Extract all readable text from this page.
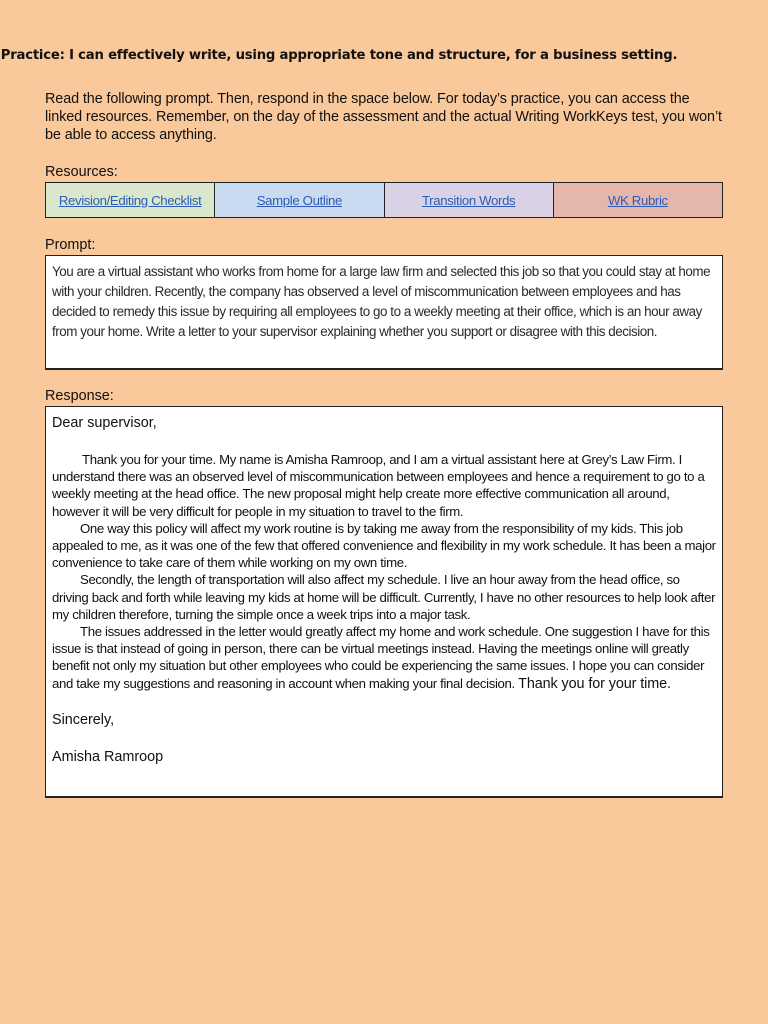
Practice: I can effectively write, using appropriate tone and structure, for a business setting.

Read the following prompt. Then, respond in the space below. For today’s practice, you can access the linked resources. Remember, on the day of the assessment and the actual Writing WorkKeys test, you won’t be able to access anything.

Resources:
Revision/Editing Checklist	Sample Outline	Transition Words	WK Rubric
Prompt:
You are a virtual assistant who works from home for a large law firm and selected this job so that you could stay at home with your children. Recently, the company has observed a level of miscommunication between employees and has decided to remedy this issue by requiring all employees to go to a weekly meeting at their office, which is an hour away from your home. Write a letter to your supervisor explaining whether you support or disagree with this decision.
Response:

Dear supervisor,

Thank you for your time. My name is Amisha Ramroop, and I am a virtual assistant here at Grey’s Law Firm. I understand there was an observed level of miscommunication between employees and hence a requirement to go to a weekly meeting at the head office. The new proposal might help create more effective communication all around, however it will be very difficult for people in my situation to travel to the firm.

One way this policy will affect my work routine is by taking me away from the responsibility of my kids. This job appealed to me, as it was one of the few that offered convenience and flexibility in my work schedule. It has been a major convenience to take care of them while working on my own time.

Secondly, the length of transportation will also affect my schedule. I live an hour away from the head office, so driving back and forth while leaving my kids at home will be difficult. Currently, I have no other resources to help look after my children therefore, turning the simple once a week trips into a major task.

The issues addressed in the letter would greatly affect my home and work schedule. One suggestion I have for this issue is that instead of going in person, there can be virtual meetings instead. Having the meetings online will greatly benefit not only my situation but other employees who could be experiencing the same issues. I hope you can consider and take my suggestions and reasoning in account when making your final decision. Thank you for your time.

Sincerely,

Amisha Ramroop
